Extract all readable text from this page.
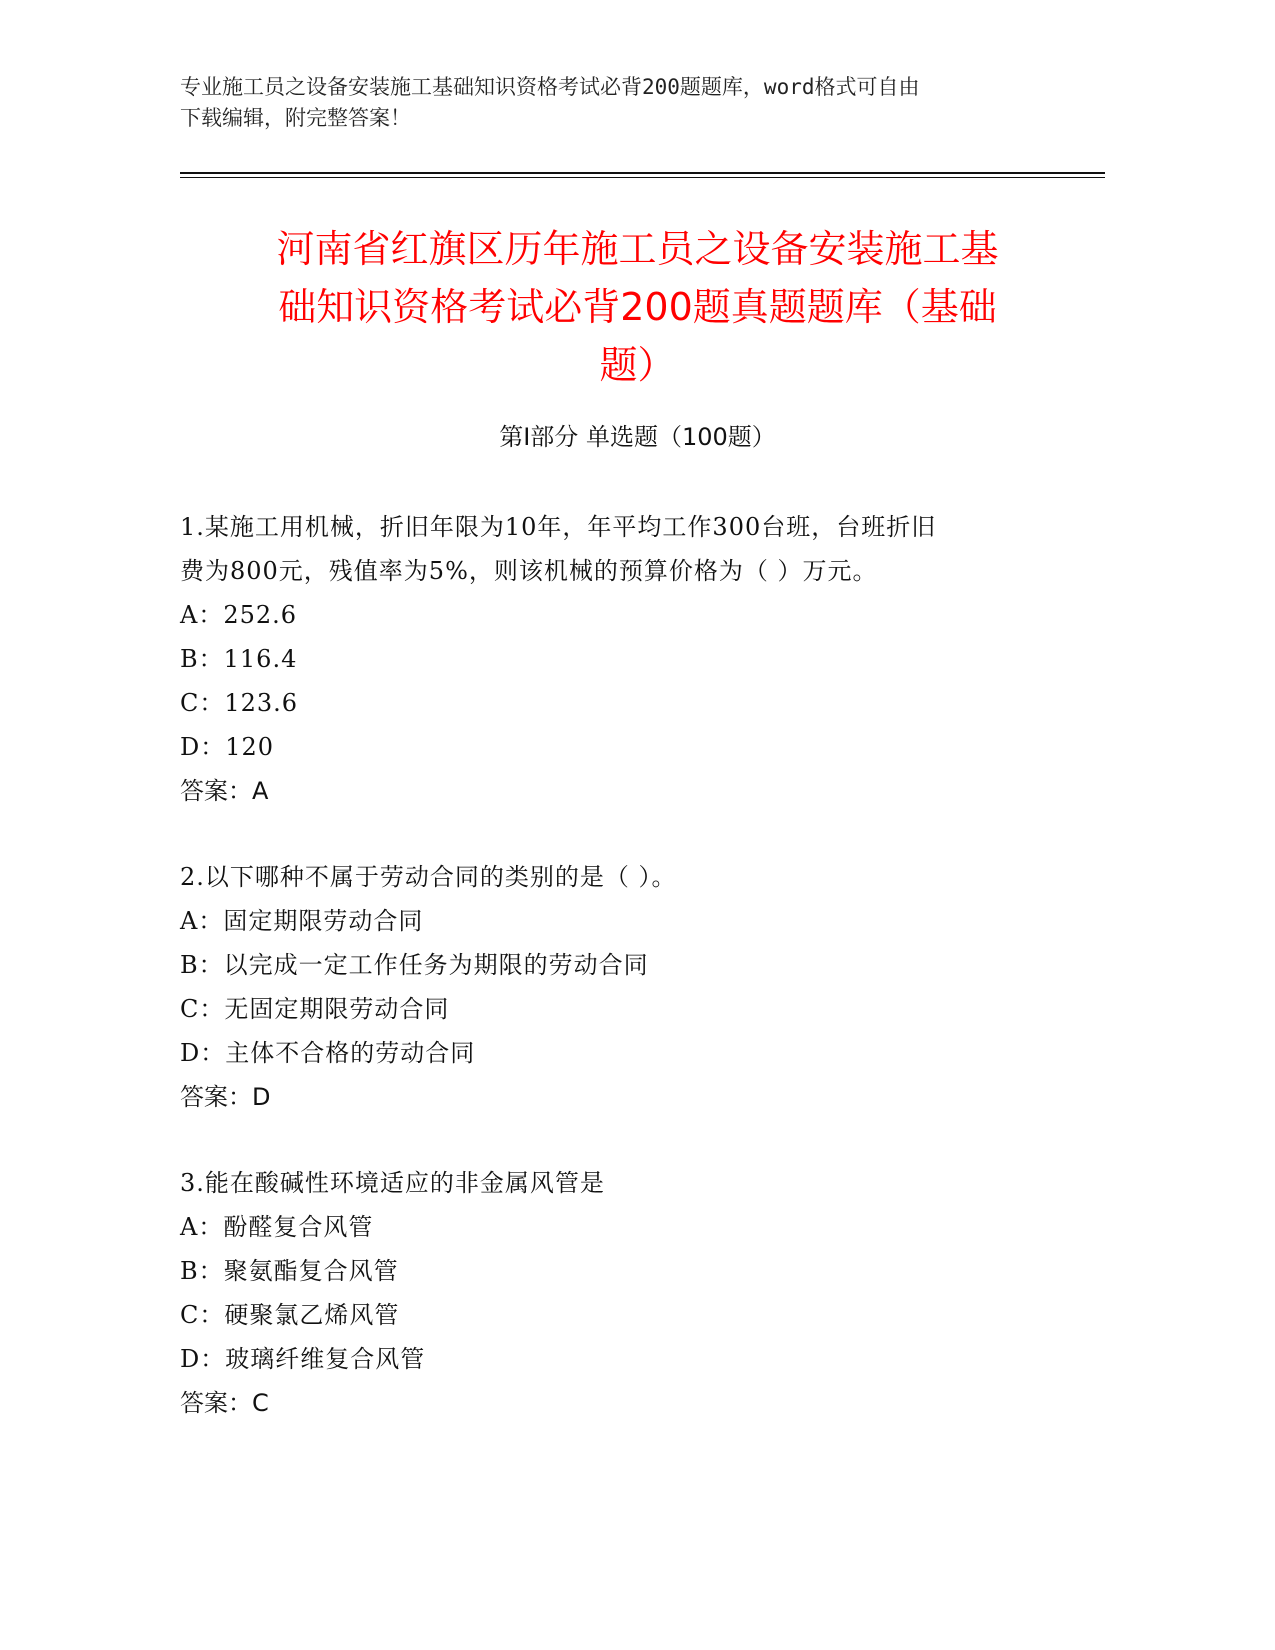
专业施工员之设备安装施工基础知识资格考试必背200题题库，word格式可自由
下载编辑，附完整答案！
河南省红旗区历年施工员之设备安装施工基
础知识资格考试必背200题真题题库（基础
题）
第Ⅰ部分 单选题（100题）
1.某施工用机械，折旧年限为10年，年平均工作300台班，台班折旧
费为800元，残值率为5%，则该机械的预算价格为（ ）万元。
A：252.6
B：116.4
C：123.6
D：120
答案：A
2.以下哪种不属于劳动合同的类别的是（ ）。
A：固定期限劳动合同
B：以完成一定工作任务为期限的劳动合同
C：无固定期限劳动合同
D：主体不合格的劳动合同
答案：D
3.能在酸碱性环境适应的非金属风管是
A：酚醛复合风管
B：聚氨酯复合风管
C：硬聚氯乙烯风管
D：玻璃纤维复合风管
答案：C
